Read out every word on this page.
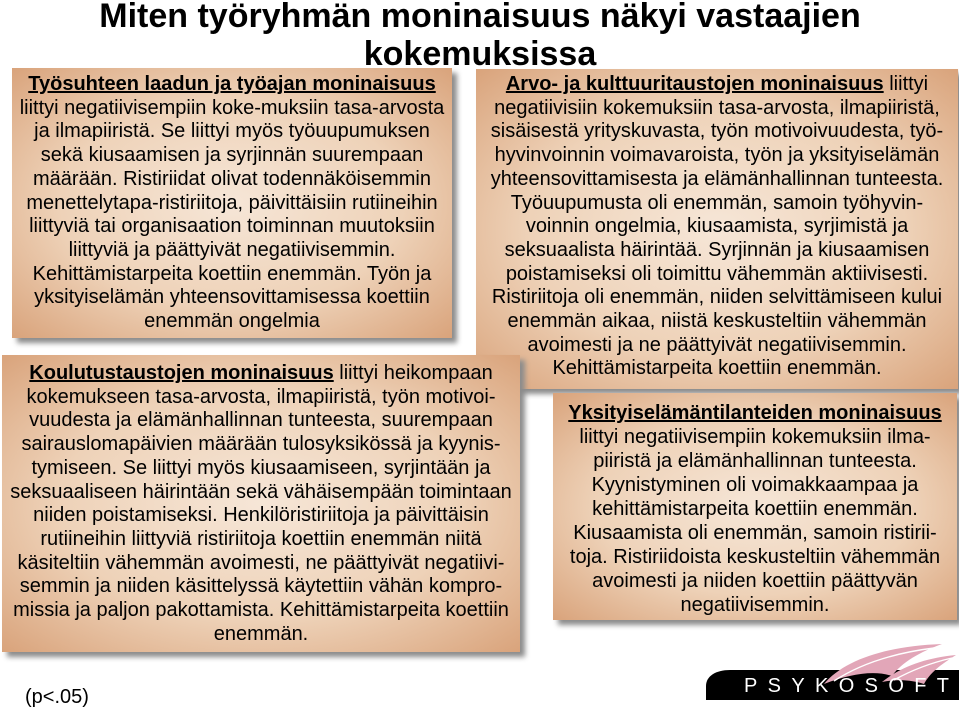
Miten työryhmän moninaisuus näkyi vastaajien kokemuksissa
Työsuhteen laadun ja työajan moninaisuus
liittyi negatiivisempiin koke-muksiin tasa-arvosta
ja ilmapiiristä. Se liittyi myös työuupumuksen
sekä kiusaamisen ja syrjinnän suurempaan
määrään. Ristiriidat olivat todennäköisemmin
menettelytapa-ristiriitoja, päivittäisiin rutiineihin
liittyviä tai organisaation toiminnan muutoksiin
liittyviä ja päättyivät negatiivisemmin.
Kehittämistarpeita koettiin enemmän. Työn ja
yksityiselämän yhteensovittamisessa koettiin
enemmän ongelmia
Arvo- ja kulttuuritaustojen moninaisuus liittyi
negatiivisiin kokemuksiin tasa-arvosta, ilmapiiristä,
sisäisestä yrityskuvasta, työn motivoivuudesta, työ-
hyvinvoinnin voimavaroista, työn ja yksityiselämän
yhteensovittamisesta ja elämänhallinnan tunteesta.
Työuupumusta oli enemmän, samoin työhyvin-
voinnin ongelmia, kiusaamista, syrjimistä ja
seksuaalista häirintää. Syrjinnän ja kiusaamisen
poistamiseksi oli toimittu vähemmän aktiivisesti.
Ristiriitoja oli enemmän, niiden selvittämiseen kului
enemmän aikaa, niistä keskusteltiin vähemmän
avoimesti ja ne päättyivät negatiivisemmin.
Kehittämistarpeita koettiin enemmän.
Koulutustaustojen moninaisuus liittyi heikompaan
kokemukseen tasa-arvosta, ilmapiiristä, työn motivoi-
vuudesta ja elämänhallinnan tunteesta, suurempaan
sairauslomapäivien määrään tulosyksikössä ja kyynis-
tymiseen. Se liittyi myös kiusaamiseen, syrjintään ja
seksuaaliseen häirintään sekä vähäisempään toimintaan
niiden poistamiseksi. Henkilöristiriitoja ja päivittäisin
rutiineihin liittyviä ristiriitoja koettiin enemmän niitä
käsiteltiin vähemmän avoimesti, ne päättyivät negatiivi-
semmin ja niiden käsittelyssä käytettiin vähän kompro-
missia ja paljon pakottamista. Kehittämistarpeita koettiin
enemmän.
Yksityiselämäntilanteiden moninaisuus
liittyi negatiivisempiin kokemuksiin ilma-
piiristä ja elämänhallinnan tunteesta.
Kyynistyminen oli voimakkaampaa ja
kehittämistarpeita koettiin enemmän.
Kiusaamista oli enemmän, samoin ristirii-
toja. Ristiriidoista keskusteltiin vähemmän
avoimesti ja niiden koettiin päättyvän
negatiivisemmin.
(p<.05)	PSYKOSOFT
